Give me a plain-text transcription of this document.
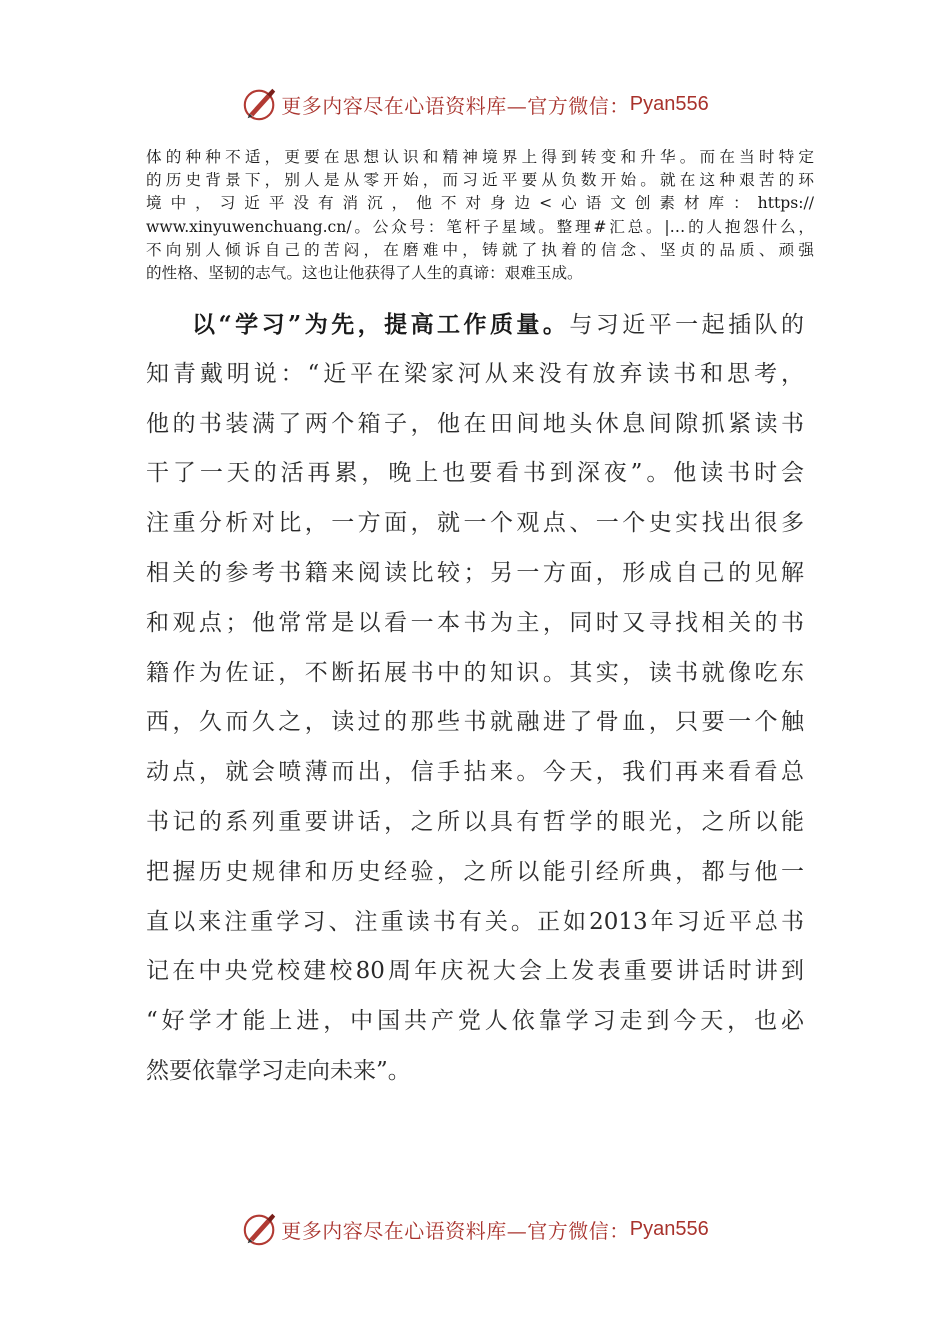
更多内容尽在心语资料库—官方微信： Pyan556
体的种种不适，更要在思想认识和精神境界上得到转变和升华。而在当时特定
的历史背景下，别人是从零开始，而习近平要从负数开始。就在这种艰苦的环
境中，习近平没有消沉，他不对身边<心语文创素材库：https://
www.xinyuwenchuang.cn/。公众号：笔杆子星域。整理#汇总。|…的人抱怨什么，
不向别人倾诉自己的苦闷，在磨难中，铸就了执着的信念、坚贞的品质、顽强
的性格、坚韧的志气。这也让他获得了人生的真谛：艰难玉成。
以“学习”为先，提高工作质量。与习近平一起插队的
知青戴明说：“近平在梁家河从来没有放弃读书和思考，
他的书装满了两个箱子，他在田间地头休息间隙抓紧读书
干了一天的活再累，晚上也要看书到深夜”。他读书时会
注重分析对比，一方面，就一个观点、一个史实找出很多
相关的参考书籍来阅读比较；另一方面，形成自己的见解
和观点；他常常是以看一本书为主，同时又寻找相关的书
籍作为佐证，不断拓展书中的知识。其实，读书就像吃东
西，久而久之，读过的那些书就融进了骨血，只要一个触
动点，就会喷薄而出，信手拈来。今天，我们再来看看总
书记的系列重要讲话，之所以具有哲学的眼光，之所以能
把握历史规律和历史经验，之所以能引经所典，都与他一
直以来注重学习、注重读书有关。正如2013年习近平总书
记在中央党校建校80周年庆祝大会上发表重要讲话时讲到
“好学才能上进，中国共产党人依靠学习走到今天，也必
然要依靠学习走向未来”。
更多内容尽在心语资料库—官方微信： Pyan556
